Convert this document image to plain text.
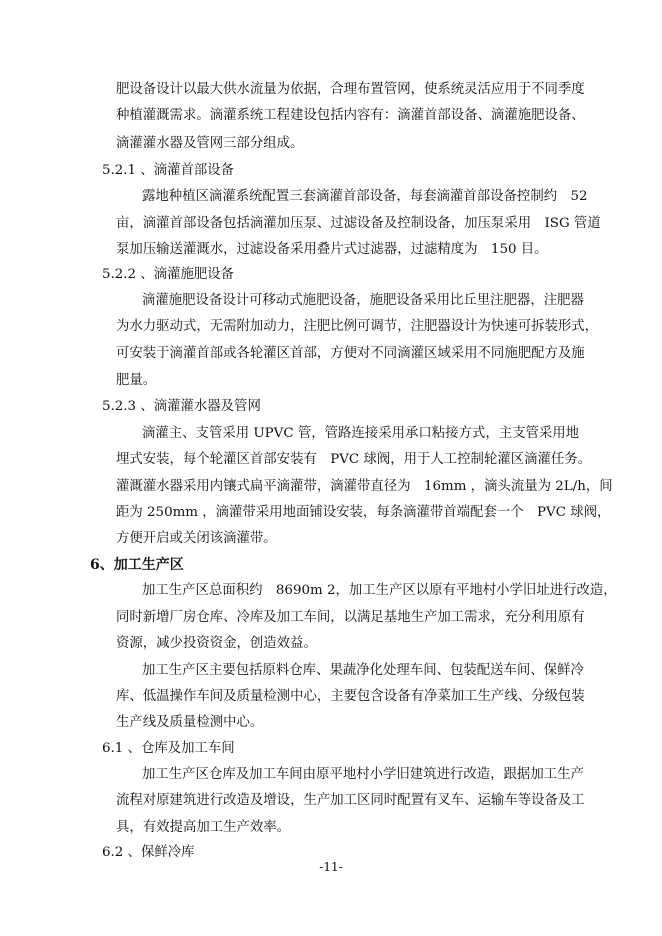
肥设备设计以最大供水流量为依据，合理布置管网，使系统灵活应用于不同季度
种植灌溉需求。滴灌系统工程建设包括内容有：滴灌首部设备、滴灌施肥设备、
滴灌灌水器及管网三部分组成。
5.2.1 、滴灌首部设备
露地种植区滴灌系统配置三套滴灌首部设备，每套滴灌首部设备控制约　52
亩，滴灌首部设备包括滴灌加压泵、过滤设备及控制设备，加压泵采用　ISG 管道
泵加压输送灌溉水，过滤设备采用叠片式过滤器，过滤精度为　150 目。
5.2.2 、滴灌施肥设备
滴灌施肥设备设计可移动式施肥设备，施肥设备采用比丘里注肥器，注肥器
为水力驱动式，无需附加动力，注肥比例可调节，注肥器设计为快速可拆装形式，
可安装于滴灌首部或各轮灌区首部，方便对不同滴灌区域采用不同施肥配方及施
肥量。
5.2.3 、滴灌灌水器及管网
滴灌主、支管采用 UPVC 管，管路连接采用承口粘接方式，主支管采用地
埋式安装，每个轮灌区首部安装有　PVC 球阀，用于人工控制轮灌区滴灌任务。
灌溉灌水器采用内镶式扁平滴灌带，滴灌带直径为　16mm ，滴头流量为 2L/h，间
距为 250mm ，滴灌带采用地面铺设安装，每条滴灌带首端配套一个　PVC 球阀，
方便开启或关闭该滴灌带。
6、加工生产区
加工生产区总面积约　8690m 2，加工生产区以原有平地村小学旧址进行改造，
同时新增厂房仓库、冷库及加工车间，以满足基地生产加工需求，充分利用原有
资源，减少投资资金，创造效益。
加工生产区主要包括原料仓库、果蔬净化处理车间、包装配送车间、保鲜冷
库、低温操作车间及质量检测中心，主要包含设备有净菜加工生产线、分级包装
生产线及质量检测中心。
6.1 、仓库及加工车间
加工生产区仓库及加工车间由原平地村小学旧建筑进行改造，跟据加工生产
流程对原建筑进行改造及增设，生产加工区同时配置有叉车、运输车等设备及工
具，有效提高加工生产效率。
6.2 、保鲜冷库
-11-
